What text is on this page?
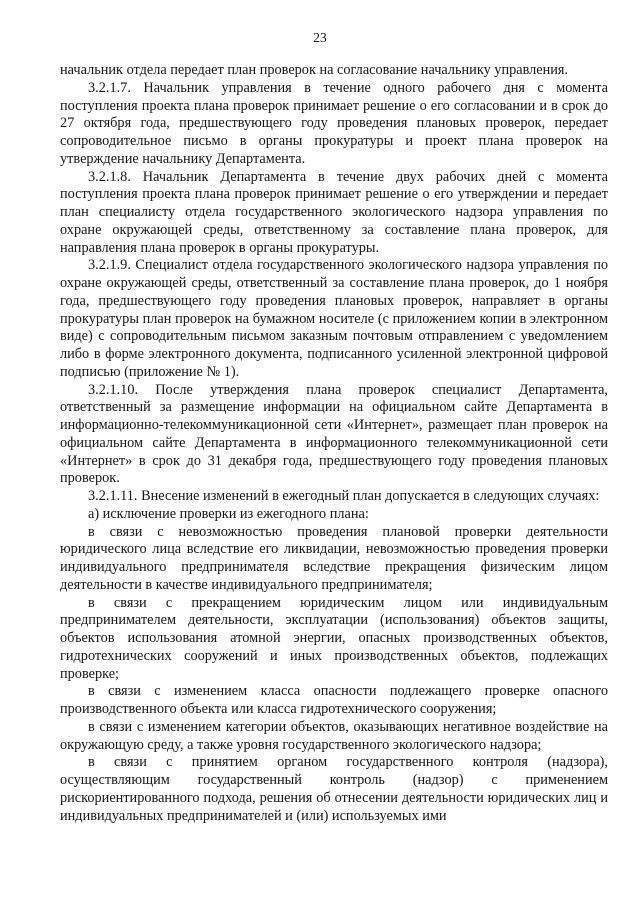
23

начальник отдела передает план проверок на согласование начальнику управления.

3.2.1.7. Начальник управления в течение одного рабочего дня с момента поступления проекта плана проверок принимает решение о его согласовании и в срок до 27 октября года, предшествующего году проведения плановых проверок, передает сопроводительное письмо в органы прокуратуры и проект плана проверок на утверждение начальнику Департамента.

3.2.1.8. Начальник Департамента в течение двух рабочих дней с момента поступления проекта плана проверок принимает решение о его утверждении и передает план специалисту отдела государственного экологического надзора управления по охране окружающей среды, ответственному за составление плана проверок, для направления плана проверок в органы прокуратуры.

3.2.1.9. Специалист отдела государственного экологического надзора управления по охране окружающей среды, ответственный за составление плана проверок, до 1 ноября года, предшествующего году проведения плановых проверок, направляет в органы прокуратуры план проверок на бумажном носителе (с приложением копии в электронном виде) с сопроводительным письмом заказным почтовым отправлением с уведомлением либо в форме электронного документа, подписанного усиленной электронной цифровой подписью (приложение № 1).

3.2.1.10. После утверждения плана проверок специалист Департамента, ответственный за размещение информации на официальном сайте Департамента в информационно-телекоммуникационной сети «Интернет», размещает план проверок на официальном сайте Департамента в информационного телекоммуникационной сети «Интернет» в срок до 31 декабря года, предшествующего году проведения плановых проверок.

3.2.1.11. Внесение изменений в ежегодный план допускается в следующих случаях:

а) исключение проверки из ежегодного плана:

в связи с невозможностью проведения плановой проверки деятельности юридического лица вследствие его ликвидации, невозможностью проведения проверки индивидуального предпринимателя вследствие прекращения физическим лицом деятельности в качестве индивидуального предпринимателя;

в связи с прекращением юридическим лицом или индивидуальным предпринимателем деятельности, эксплуатации (использования) объектов защиты, объектов использования атомной энергии, опасных производственных объектов, гидротехнических сооружений и иных производственных объектов, подлежащих проверке;

в связи с изменением класса опасности подлежащего проверке опасного производственного объекта или класса гидротехнического сооружения;

в связи с изменением категории объектов, оказывающих негативное воздействие на окружающую среду, а также уровня государственного экологического надзора;

в связи с принятием органом государственного контроля (надзора), осуществляющим государственный контроль (надзор) с применением рискориентированного подхода, решения об отнесении деятельности юридических лиц и индивидуальных предпринимателей и (или) используемых ими
